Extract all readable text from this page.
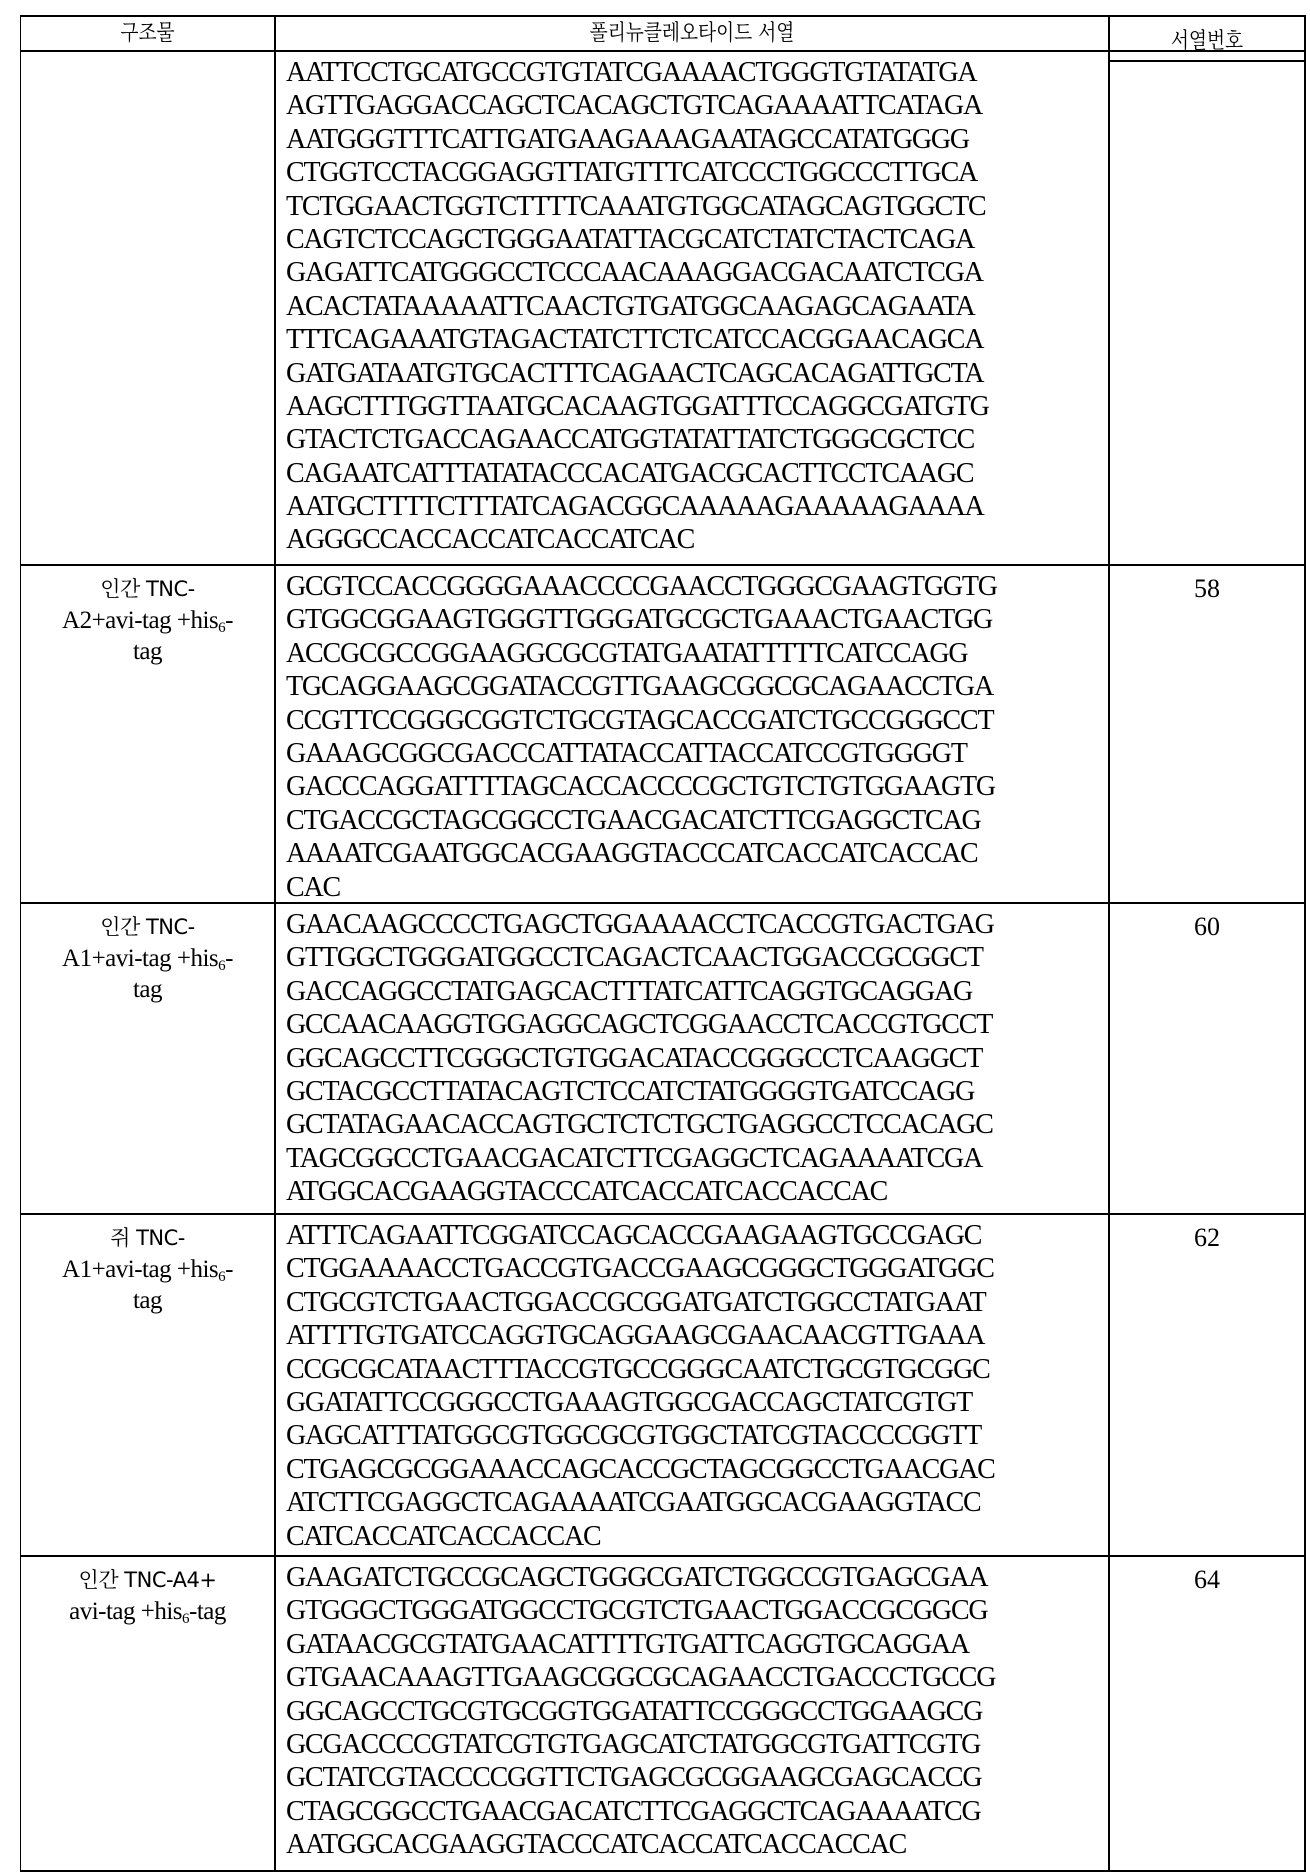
구조물	폴리뉴클레오타이드 서열	서열번호
AATTCCTGCATGCCGTGTATCGAAAACTGGGTGTATATGA
AGTTGAGGACCAGCTCACAGCTGTCAGAAAATTCATAGA
AATGGGTTTCATTGATGAAGAAAGAATAGCCATATGGGG
CTGGTCCTACGGAGGTTATGTTTCATCCCTGGCCCTTGCA
TCTGGAACTGGTCTTTTCAAATGTGGCATAGCAGTGGCTC
CAGTCTCCAGCTGGGAATATTACGCATCTATCTACTCAGA
GAGATTCATGGGCCTCCCAACAAAGGACGACAATCTCGA
ACACTATAAAAATTCAACTGTGATGGCAAGAGCAGAATA
TTTCAGAAATGTAGACTATCTTCTCATCCACGGAACAGCA
GATGATAATGTGCACTTTCAGAACTCAGCACAGATTGCTA
AAGCTTTGGTTAATGCACAAGTGGATTTCCAGGCGATGTG
GTACTCTGACCAGAACCATGGTATATTATCTGGGCGCTCC
CAGAATCATTTATATACCCACATGACGCACTTCCTCAAGC
AATGCTTTTCTTTATCAGACGGCAAAAAGAAAAAGAAAA
AGGGCCACCACCATCACCATCAC
인간 TNC-
A2+avi-tag +his6-
tag
GCGTCCACCGGGGAAACCCCGAACCTGGGCGAAGTGGTG
GTGGCGGAAGTGGGTTGGGATGCGCTGAAACTGAACTGG
ACCGCGCCGGAAGGCGCGTATGAATATTTTTCATCCAGG
TGCAGGAAGCGGATACCGTTGAAGCGGCGCAGAACCTGA
CCGTTCCGGGCGGTCTGCGTAGCACCGATCTGCCGGGCCT
GAAAGCGGCGACCCATTATACCATTACCATCCGTGGGGT
GACCCAGGATTTTAGCACCACCCCGCTGTCTGTGGAAGTG
CTGACCGCTAGCGGCCTGAACGACATCTTCGAGGCTCAG
AAAATCGAATGGCACGAAGGTACCCATCACCATCACCAC
CAC
58
인간 TNC-
A1+avi-tag +his6-
tag
GAACAAGCCCCTGAGCTGGAAAACCTCACCGTGACTGAG
GTTGGCTGGGATGGCCTCAGACTCAACTGGACCGCGGCT
GACCAGGCCTATGAGCACTTTATCATTCAGGTGCAGGAG
GCCAACAAGGTGGAGGCAGCTCGGAACCTCACCGTGCCT
GGCAGCCTTCGGGCTGTGGACATACCGGGCCTCAAGGCT
GCTACGCCTTATACAGTCTCCATCTATGGGGTGATCCAGG
GCTATAGAACACCAGTGCTCTCTGCTGAGGCCTCCACAGC
TAGCGGCCTGAACGACATCTTCGAGGCTCAGAAAATCGA
ATGGCACGAAGGTACCCATCACCATCACCACCAC
60
쥐 TNC-
A1+avi-tag +his6-
tag
ATTTCAGAATTCGGATCCAGCACCGAAGAAGTGCCGAGC
CTGGAAAACCTGACCGTGACCGAAGCGGGCTGGGATGGC
CTGCGTCTGAACTGGACCGCGGATGATCTGGCCTATGAAT
ATTTTGTGATCCAGGTGCAGGAAGCGAACAACGTTGAAA
CCGCGCATAACTTTACCGTGCCGGGCAATCTGCGTGCGGC
GGATATTCCGGGCCTGAAAGTGGCGACCAGCTATCGTGT
GAGCATTTATGGCGTGGCGCGTGGCTATCGTACCCCGGTT
CTGAGCGCGGAAACCAGCACCGCTAGCGGCCTGAACGAC
ATCTTCGAGGCTCAGAAAATCGAATGGCACGAAGGTACC
CATCACCATCACCACCAC
62
인간 TNC-A4+
avi-tag +his6-tag
GAAGATCTGCCGCAGCTGGGCGATCTGGCCGTGAGCGAA
GTGGGCTGGGATGGCCTGCGTCTGAACTGGACCGCGGCG
GATAACGCGTATGAACATTTTGTGATTCAGGTGCAGGAA
GTGAACAAAGTTGAAGCGGCGCAGAACCTGACCCTGCCG
GGCAGCCTGCGTGCGGTGGATATTCCGGGCCTGGAAGCG
GCGACCCCGTATCGTGTGAGCATCTATGGCGTGATTCGTG
GCTATCGTACCCCGGTTCTGAGCGCGGAAGCGAGCACCG
CTAGCGGCCTGAACGACATCTTCGAGGCTCAGAAAATCG
AATGGCACGAAGGTACCCATCACCATCACCACCAC
64
